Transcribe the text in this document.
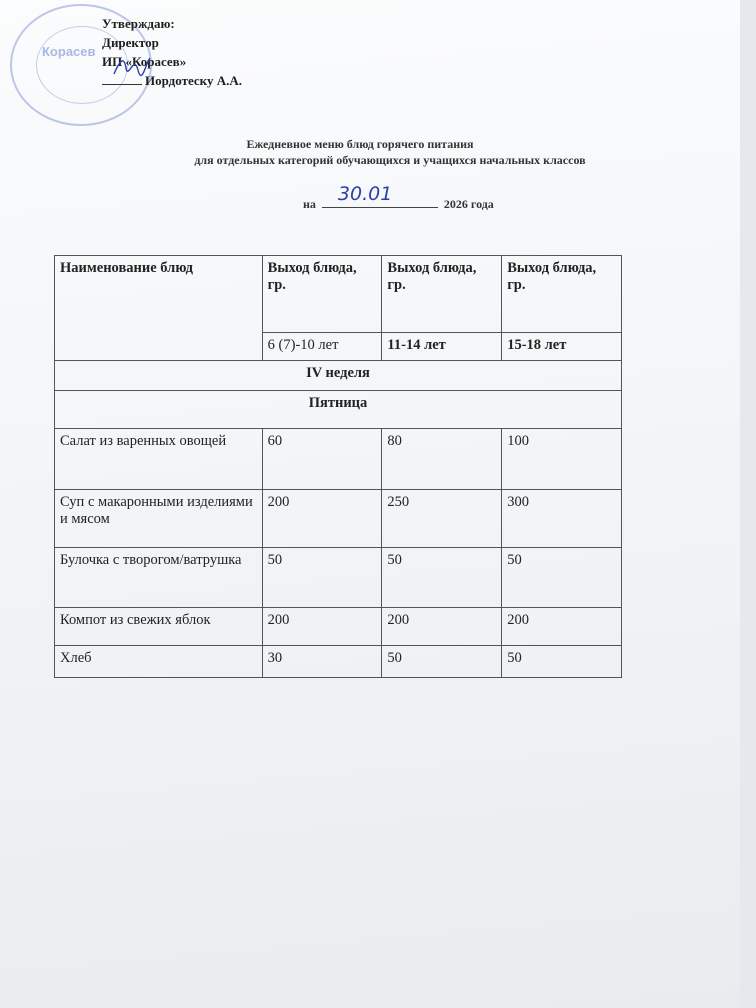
Корасев
Утверждаю:
Директор
ИП «Корасев»
Иордотеску А.А.
Ежедневное меню блюд горячего питания
для отдельных категорий обучающихся и учащихся начальных классов
на 30.01	2026 года
Наименование блюд	Выход блюда, гр.	Выход блюда, гр.	Выход блюда, гр.
	6 (7)-10 лет	11-14 лет	15-18 лет
IV неделя			
Пятница			
Салат из варенных овощей	60	80	100
Суп с макаронными изделиями и мясом	200	250	300
Булочка с творогом/ватрушка	50	50	50
Компот из свежих яблок	200	200	200
Хлеб	30	50	50
